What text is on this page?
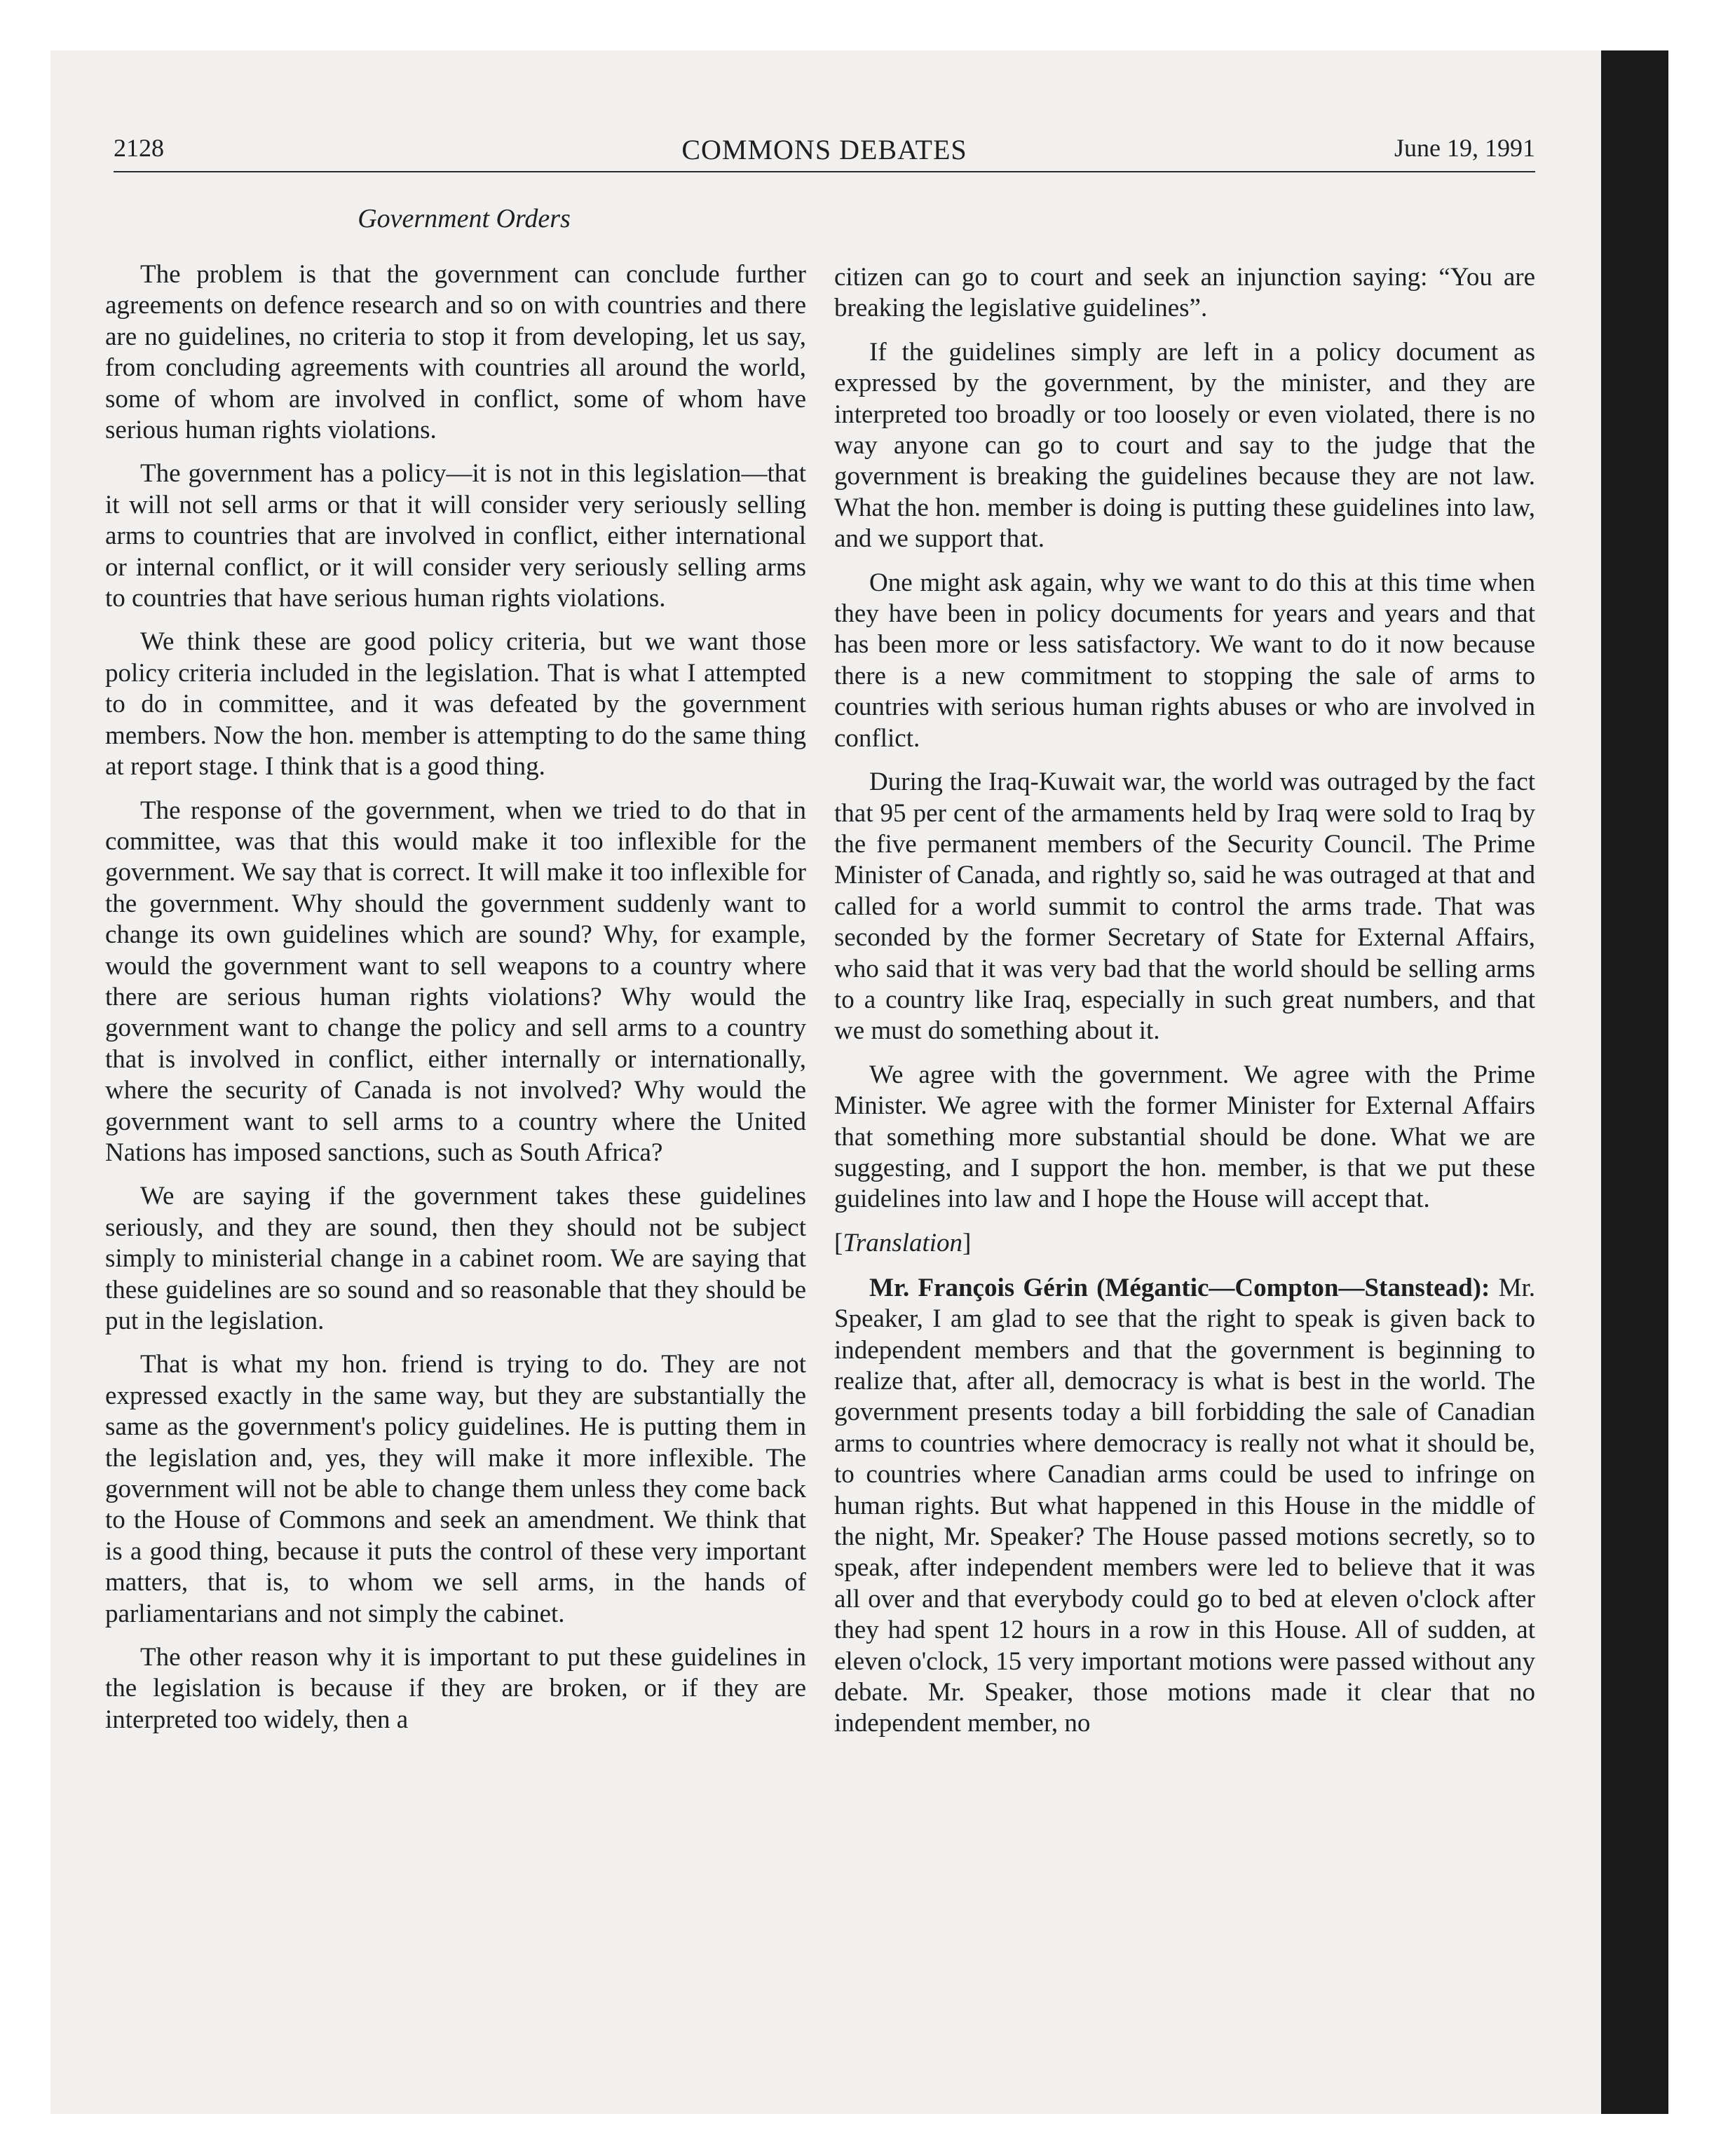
2128	COMMONS DEBATES	June 19, 1991
Government Orders

The problem is that the government can conclude further agreements on defence research and so on with countries and there are no guidelines, no criteria to stop it from developing, let us say, from concluding agreements with countries all around the world, some of whom are involved in conflict, some of whom have serious human rights violations.

The government has a policy—it is not in this legislation—that it will not sell arms or that it will consider very seriously selling arms to countries that are involved in conflict, either international or internal conflict, or it will consider very seriously selling arms to countries that have serious human rights violations.

We think these are good policy criteria, but we want those policy criteria included in the legislation. That is what I attempted to do in committee, and it was defeated by the government members. Now the hon. member is attempting to do the same thing at report stage. I think that is a good thing.

The response of the government, when we tried to do that in committee, was that this would make it too inflexible for the government. We say that is correct. It will make it too inflexible for the government. Why should the government suddenly want to change its own guidelines which are sound? Why, for example, would the government want to sell weapons to a country where there are serious human rights violations? Why would the government want to change the policy and sell arms to a country that is involved in conflict, either internally or internationally, where the security of Canada is not involved? Why would the government want to sell arms to a country where the United Nations has imposed sanctions, such as South Africa?

We are saying if the government takes these guidelines seriously, and they are sound, then they should not be subject simply to ministerial change in a cabinet room. We are saying that these guidelines are so sound and so reasonable that they should be put in the legislation.

That is what my hon. friend is trying to do. They are not expressed exactly in the same way, but they are substantially the same as the government's policy guidelines. He is putting them in the legislation and, yes, they will make it more inflexible. The government will not be able to change them unless they come back to the House of Commons and seek an amendment. We think that is a good thing, because it puts the control of these very important matters, that is, to whom we sell arms, in the hands of parliamentarians and not simply the cabinet.

The other reason why it is important to put these guidelines in the legislation is because if they are broken, or if they are interpreted too widely, then a

citizen can go to court and seek an injunction saying: “You are breaking the legislative guidelines”.

If the guidelines simply are left in a policy document as expressed by the government, by the minister, and they are interpreted too broadly or too loosely or even violated, there is no way anyone can go to court and say to the judge that the government is breaking the guidelines because they are not law. What the hon. member is doing is putting these guidelines into law, and we support that.

One might ask again, why we want to do this at this time when they have been in policy documents for years and years and that has been more or less satisfactory. We want to do it now because there is a new commitment to stopping the sale of arms to countries with serious human rights abuses or who are involved in conflict.

During the Iraq-Kuwait war, the world was outraged by the fact that 95 per cent of the armaments held by Iraq were sold to Iraq by the five permanent members of the Security Council. The Prime Minister of Canada, and rightly so, said he was outraged at that and called for a world summit to control the arms trade. That was seconded by the former Secretary of State for External Affairs, who said that it was very bad that the world should be selling arms to a country like Iraq, especially in such great numbers, and that we must do something about it.

We agree with the government. We agree with the Prime Minister. We agree with the former Minister for External Affairs that something more substantial should be done. What we are suggesting, and I support the hon. member, is that we put these guidelines into law and I hope the House will accept that.

[Translation]

Mr. François Gérin (Mégantic—Compton—Stanstead): Mr. Speaker, I am glad to see that the right to speak is given back to independent members and that the government is beginning to realize that, after all, democracy is what is best in the world. The government presents today a bill forbidding the sale of Canadian arms to countries where democracy is really not what it should be, to countries where Canadian arms could be used to infringe on human rights. But what happened in this House in the middle of the night, Mr. Speaker? The House passed motions secretly, so to speak, after independent members were led to believe that it was all over and that everybody could go to bed at eleven o'clock after they had spent 12 hours in a row in this House. All of sudden, at eleven o'clock, 15 very important motions were passed without any debate. Mr. Speaker, those motions made it clear that no independent member, no
